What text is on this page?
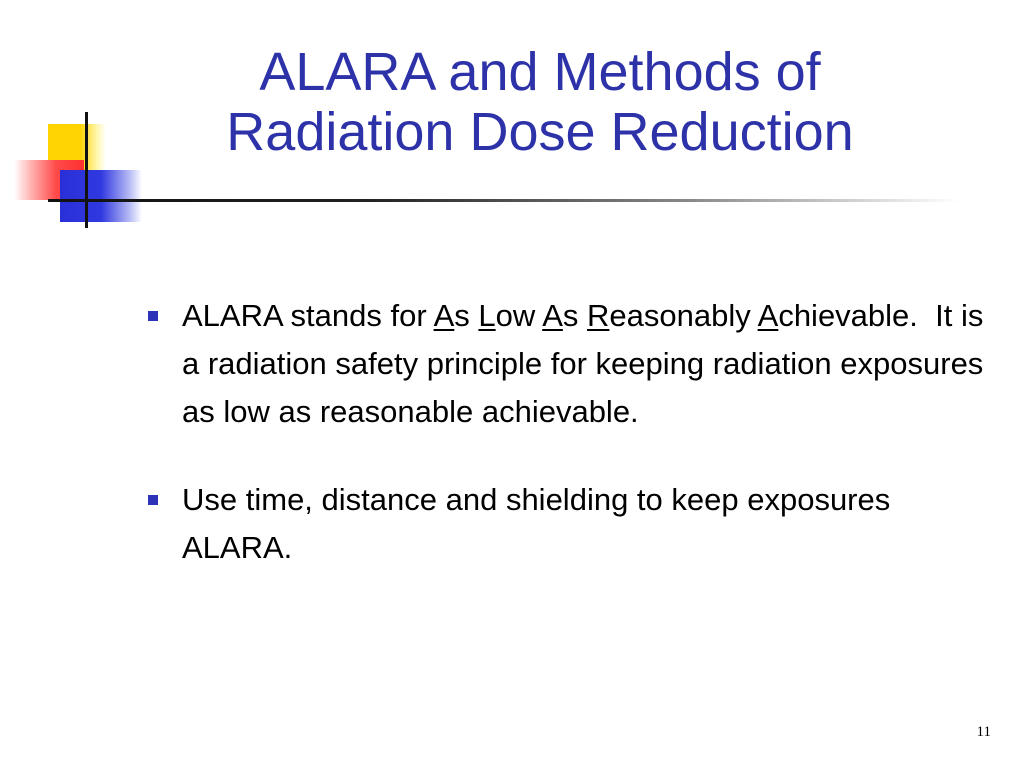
ALARA and Methods of
Radiation Dose Reduction
ALARA stands for As Low As Reasonably Achievable.  It is a radiation safety principle for keeping radiation exposures as low as reasonable achievable.
Use time, distance and shielding to keep exposures ALARA.
11
